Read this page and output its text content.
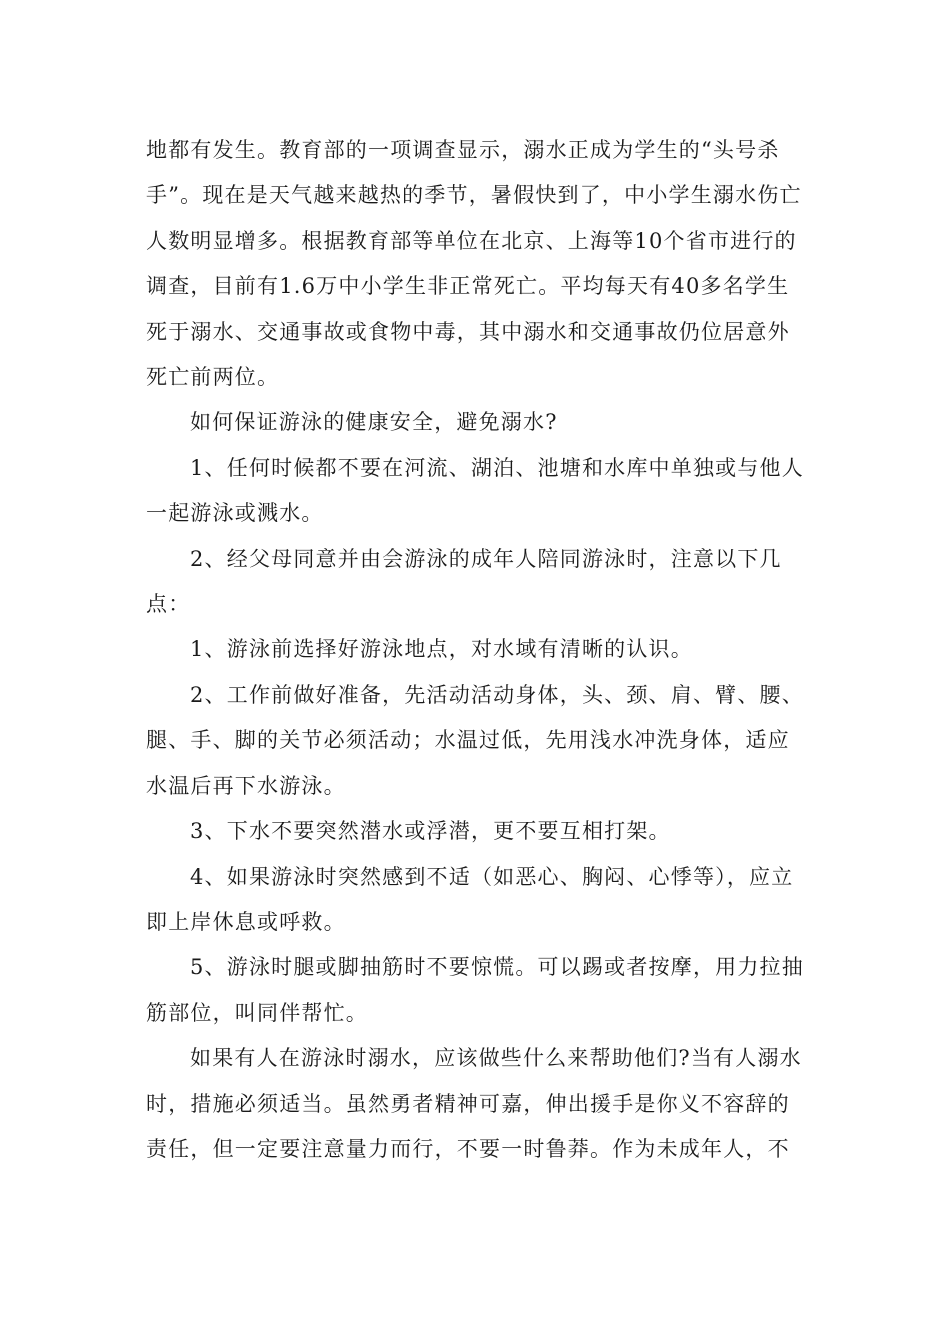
地都有发生。教育部的一项调查显示，溺水正成为学生的“头号杀手”。现在是天气越来越热的季节，暑假快到了，中小学生溺水伤亡人数明显增多。根据教育部等单位在北京、上海等10个省市进行的调查，目前有1.6万中小学生非正常死亡。平均每天有40多名学生死于溺水、交通事故或食物中毒，其中溺水和交通事故仍位居意外死亡前两位。

如何保证游泳的健康安全，避免溺水?

1、任何时候都不要在河流、湖泊、池塘和水库中单独或与他人一起游泳或溅水。

2、经父母同意并由会游泳的成年人陪同游泳时，注意以下几点：

1、游泳前选择好游泳地点，对水域有清晰的认识。

2、工作前做好准备，先活动活动身体，头、颈、肩、臂、腰、腿、手、脚的关节必须活动；水温过低，先用浅水冲洗身体，适应水温后再下水游泳。

3、下水不要突然潜水或浮潜，更不要互相打架。

4、如果游泳时突然感到不适（如恶心、胸闷、心悸等），应立即上岸休息或呼救。

5、游泳时腿或脚抽筋时不要惊慌。可以踢或者按摩，用力拉抽筋部位，叫同伴帮忙。

如果有人在游泳时溺水，应该做些什么来帮助他们?当有人溺水时，措施必须适当。虽然勇者精神可嘉，伸出援手是你义不容辞的责任，但一定要注意量力而行，不要一时鲁莽。作为未成年人，不
